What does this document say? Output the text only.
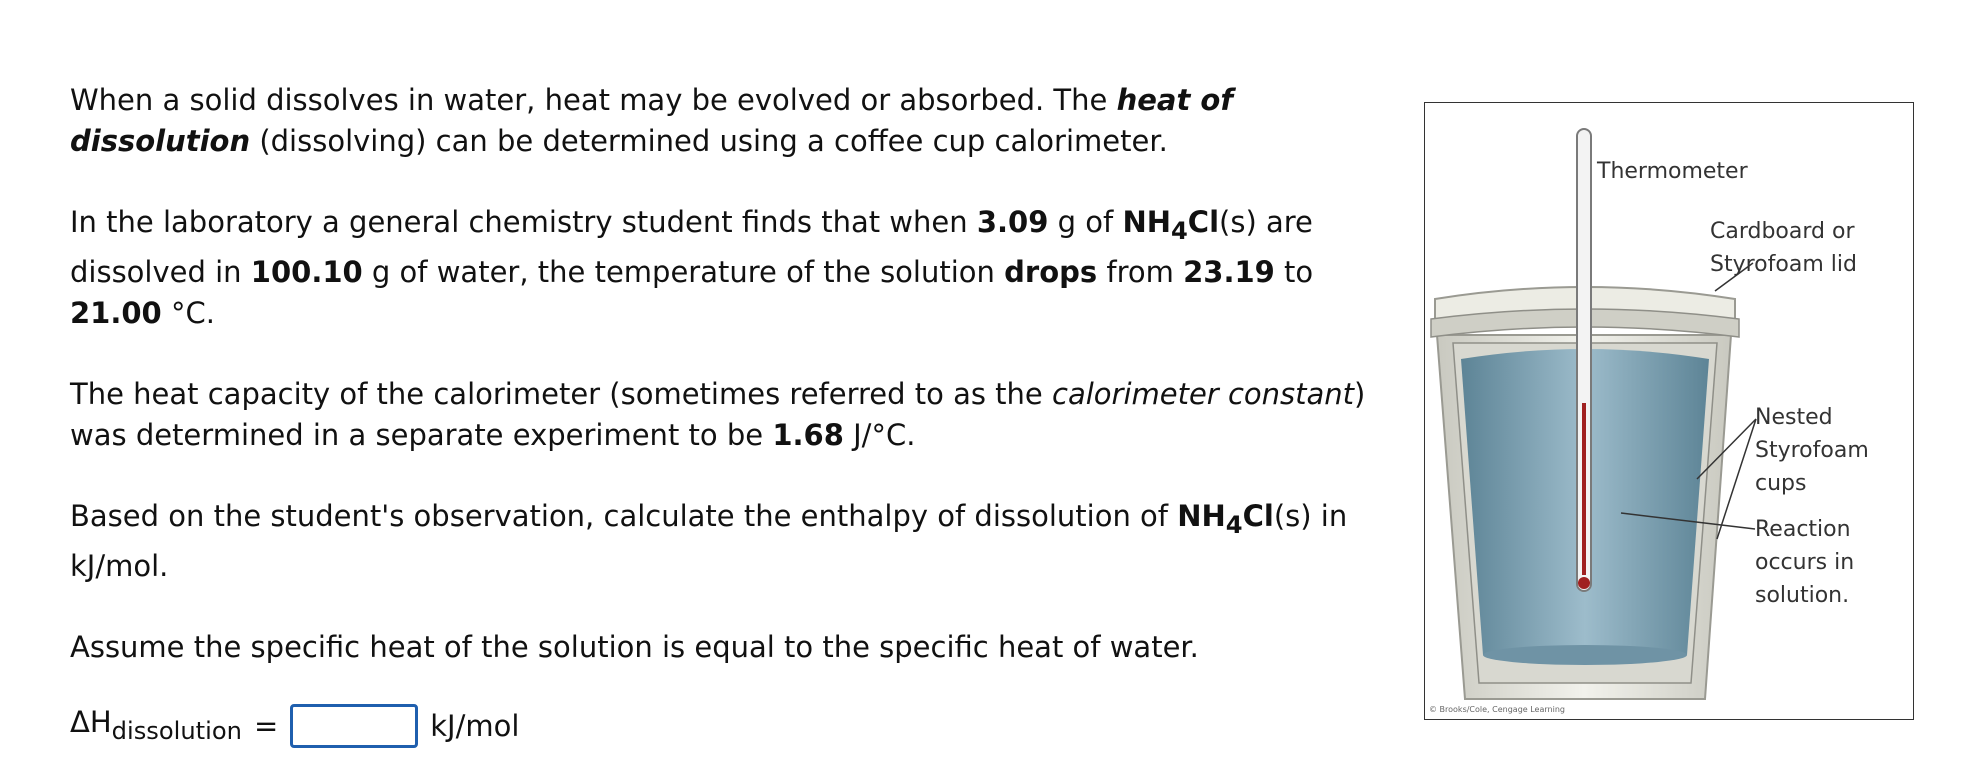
When a solid dissolves in water, heat may be evolved or absorbed. The heat of dissolution (dissolving) can be determined using a coffee cup calorimeter.

In the laboratory a general chemistry student finds that when 3.09 g of $NH_4Cl(s)$ are dissolved in 100.10 g of water, the temperature of the solution drops from 23.19 to
21.00 °C.

The heat capacity of the calorimeter (sometimes referred to as the calorimeter constant) was determined in a separate experiment to be 1.68 J/°C.

Based on the student's observation, calculate the enthalpy of dissolution of $NH_4Cl(s)$ in kJ/mol.

Assume the specific heat of the solution is equal to the specific heat of water.

$\Delta H_{dissolution}$ =	kJ/mol
Thermometer
Cardboard or
Styrofoam lid
Nested
Styrofoam cups
Reaction
occurs in
solution.
© Brooks/Cole, Cengage Learning
